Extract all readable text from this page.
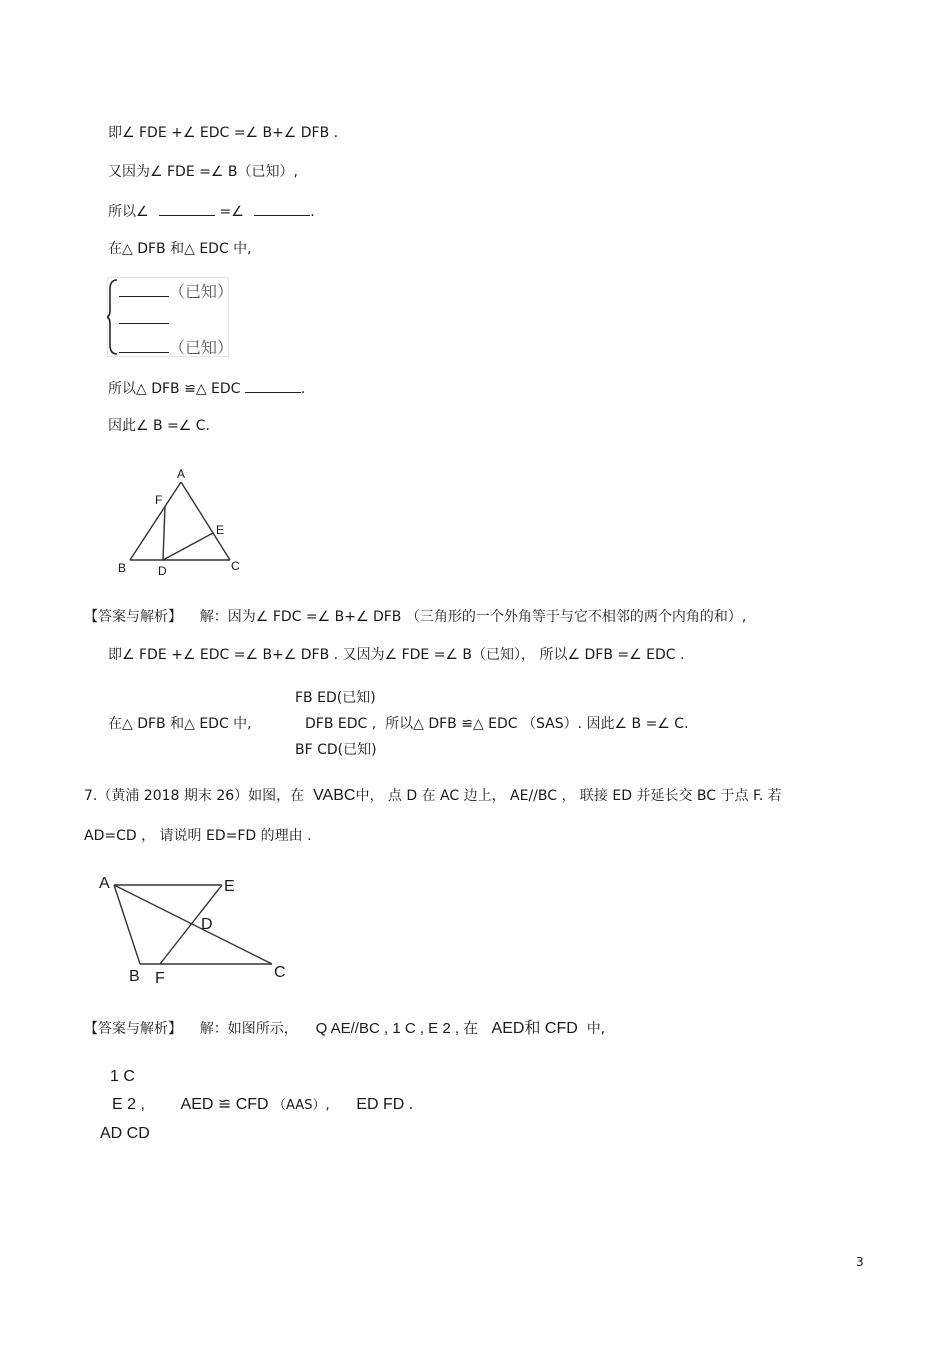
即∠ FDE +∠ EDC =∠ B+∠ DFB .
又因为∠ FDE =∠ B（已知）,
所以∠	=∠	.
在△ DFB 和△ EDC 中,
（已知）
（已知）
所以△ DFB ≌△ EDC	.
因此∠ B =∠ C.
A
F
E
B	D	C
【答案与解析】 解：因为∠ FDC =∠ B+∠ DFB （三角形的一个外角等于与它不相邻的两个内角的和）,
即∠ FDE +∠ EDC =∠ B+∠ DFB . 又因为∠ FDE =∠ B（已知）， 所以∠ DFB =∠ EDC .
FB ED(已知)
在△ DFB 和△ EDC 中,	DFB EDC , 所以△ DFB ≌△ EDC （SAS）. 因此∠ B =∠ C.
BF CD(已知)
7.（黄浦 2018 期末 26）如图，在 VABC中， 点 D 在 AC 边上， AE//BC ， 联接 ED 并延长交 BC 于点 F. 若
AD=CD ， 请说明 ED=FD 的理由 .
A	E
D
B F	C
【答案与解析】 解：如图所示， Q AE//BC , 1 C , E 2 , 在 AED和 CFD 中,
1 C
E 2 , AED ≌ CFD （AAS）, ED FD .
AD CD
3
